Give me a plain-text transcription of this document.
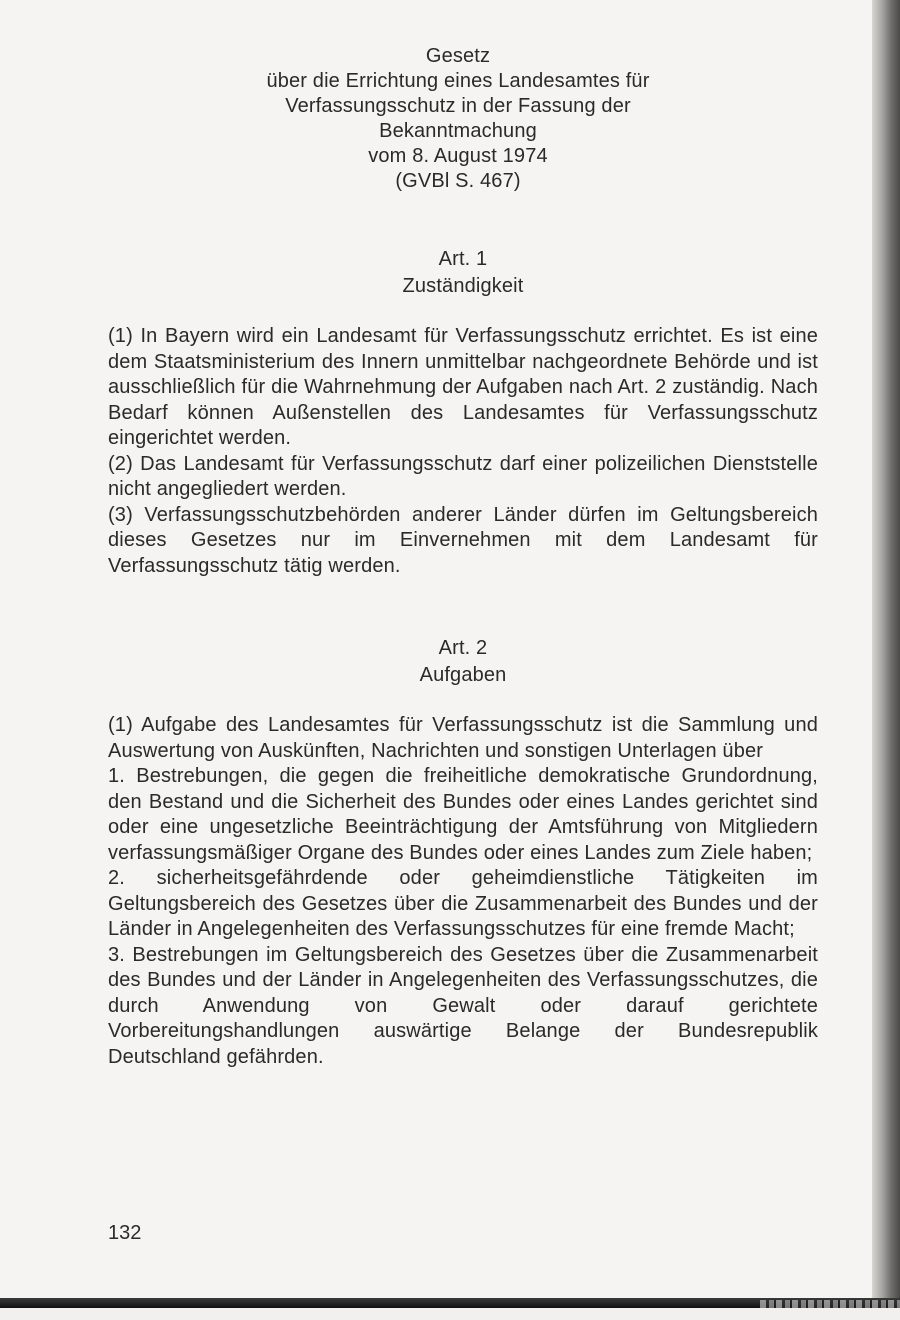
Gesetz
über die Errichtung eines Landesamtes für
Verfassungsschutz in der Fassung der
Bekanntmachung
vom 8. August 1974
(GVBl S. 467)
Art. 1
Zuständigkeit

(1) In Bayern wird ein Landesamt für Verfassungsschutz errichtet. Es ist eine dem Staatsministerium des Innern unmittelbar nachgeordnete Behörde und ist ausschließlich für die Wahrnehmung der Aufgaben nach Art. 2 zuständig. Nach Bedarf können Außenstellen des Landesamtes für Verfassungsschutz eingerichtet werden.

(2) Das Landesamt für Verfassungsschutz darf einer polizeilichen Dienststelle nicht angegliedert werden.

(3) Verfassungsschutzbehörden anderer Länder dürfen im Geltungsbereich dieses Gesetzes nur im Einvernehmen mit dem Landesamt für Verfassungsschutz tätig werden.

Art. 2
Aufgaben

(1) Aufgabe des Landesamtes für Verfassungsschutz ist die Sammlung und Auswertung von Auskünften, Nachrichten und sonstigen Unterlagen über

1. Bestrebungen, die gegen die freiheitliche demokratische Grundordnung, den Bestand und die Sicherheit des Bundes oder eines Landes gerichtet sind oder eine ungesetzliche Beeinträchtigung der Amtsführung von Mitgliedern verfassungsmäßiger Organe des Bundes oder eines Landes zum Ziele haben;

2. sicherheitsgefährdende oder geheimdienstliche Tätigkeiten im Geltungsbereich des Gesetzes über die Zusammenarbeit des Bundes und der Länder in Angelegenheiten des Verfassungsschutzes für eine fremde Macht;

3. Bestrebungen im Geltungsbereich des Gesetzes über die Zusammenarbeit des Bundes und der Länder in Angelegenheiten des Verfassungsschutzes, die durch Anwendung von Gewalt oder darauf gerichtete Vorbereitungshandlungen auswärtige Belange der Bundesrepublik Deutschland gefährden.

132
